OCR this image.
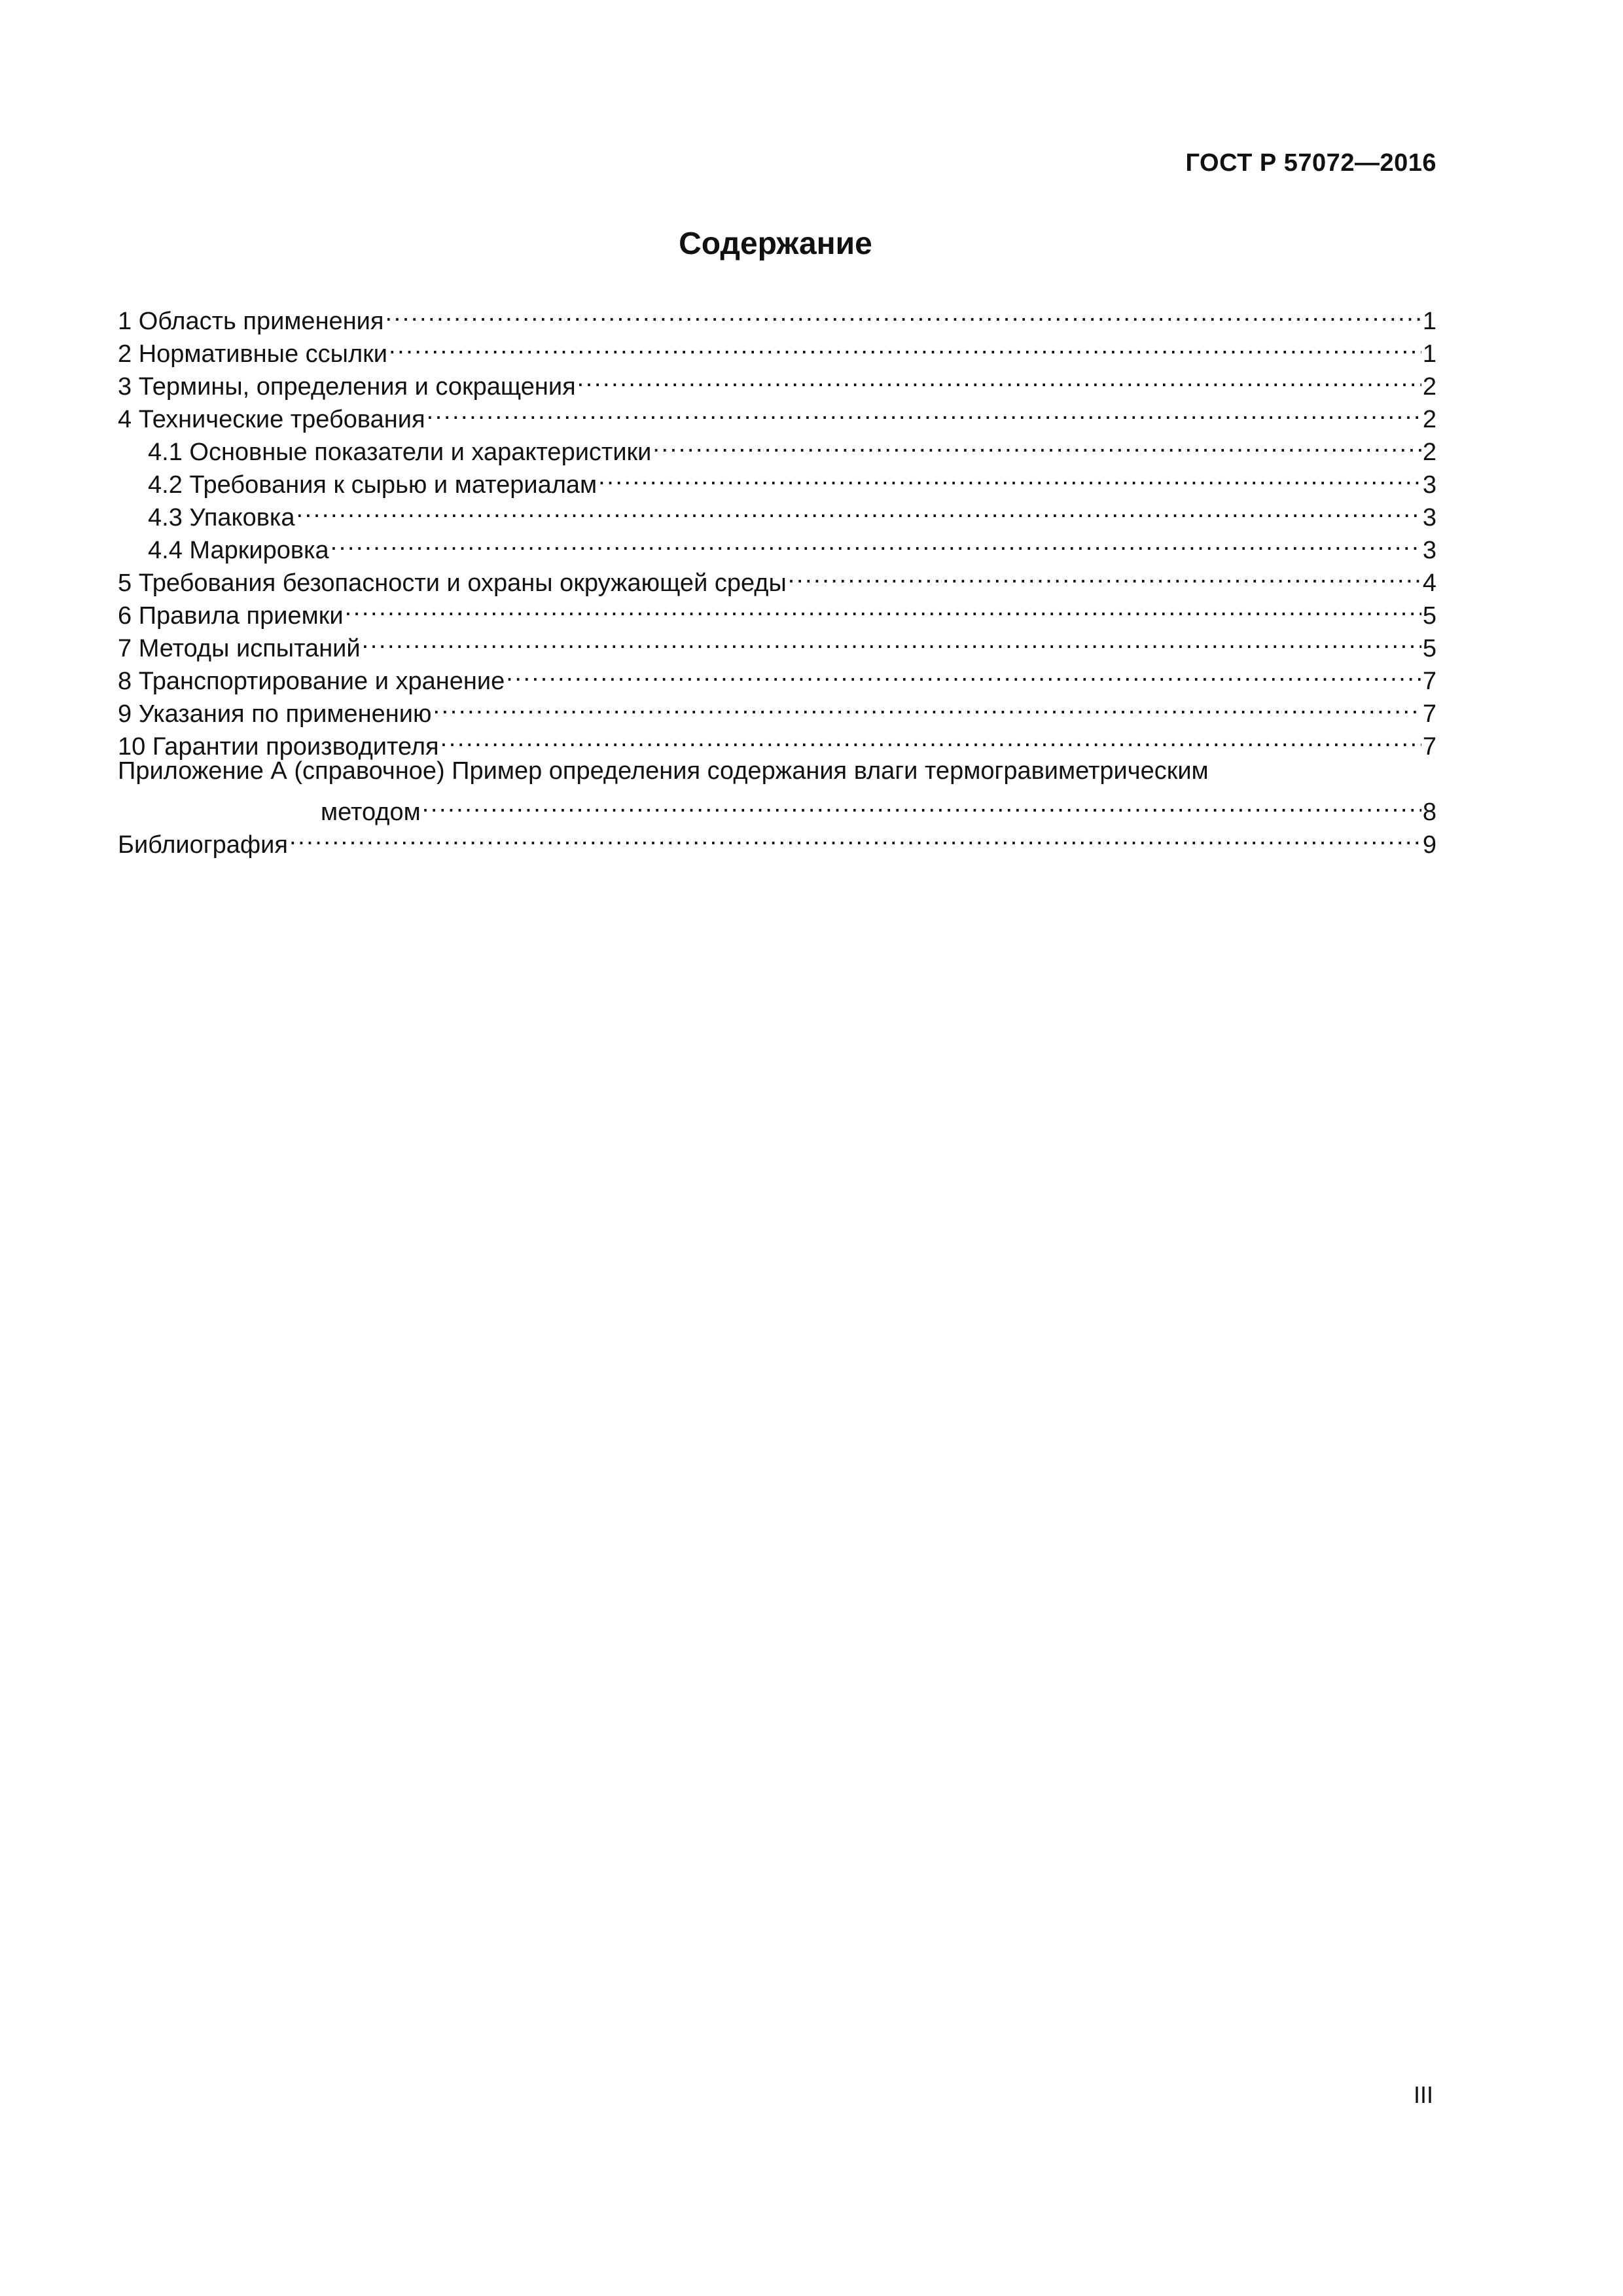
ГОСТ Р 57072—2016
Содержание
1 Область применения . . .	1
2 Нормативные ссылки . . .	1
3 Термины, определения и сокращения . . .	2
4 Технические требования . . .	2
4.1 Основные показатели и характеристики . . .	2
4.2 Требования к сырью и материалам . . .	3
4.3 Упаковка . . .	3
4.4 Маркировка . . .	3
5 Требования безопасности и охраны окружающей среды . . .	4
6 Правила приемки . . .	5
7 Методы испытаний . . .	5
8 Транспортирование и хранение . . .	7
9 Указания по применению . . .	7
10 Гарантии производителя . . .	7
Приложение А (справочное) Пример определения содержания влаги термогравиметрическим
методом . . .	8
Библиография . . .	9
III
